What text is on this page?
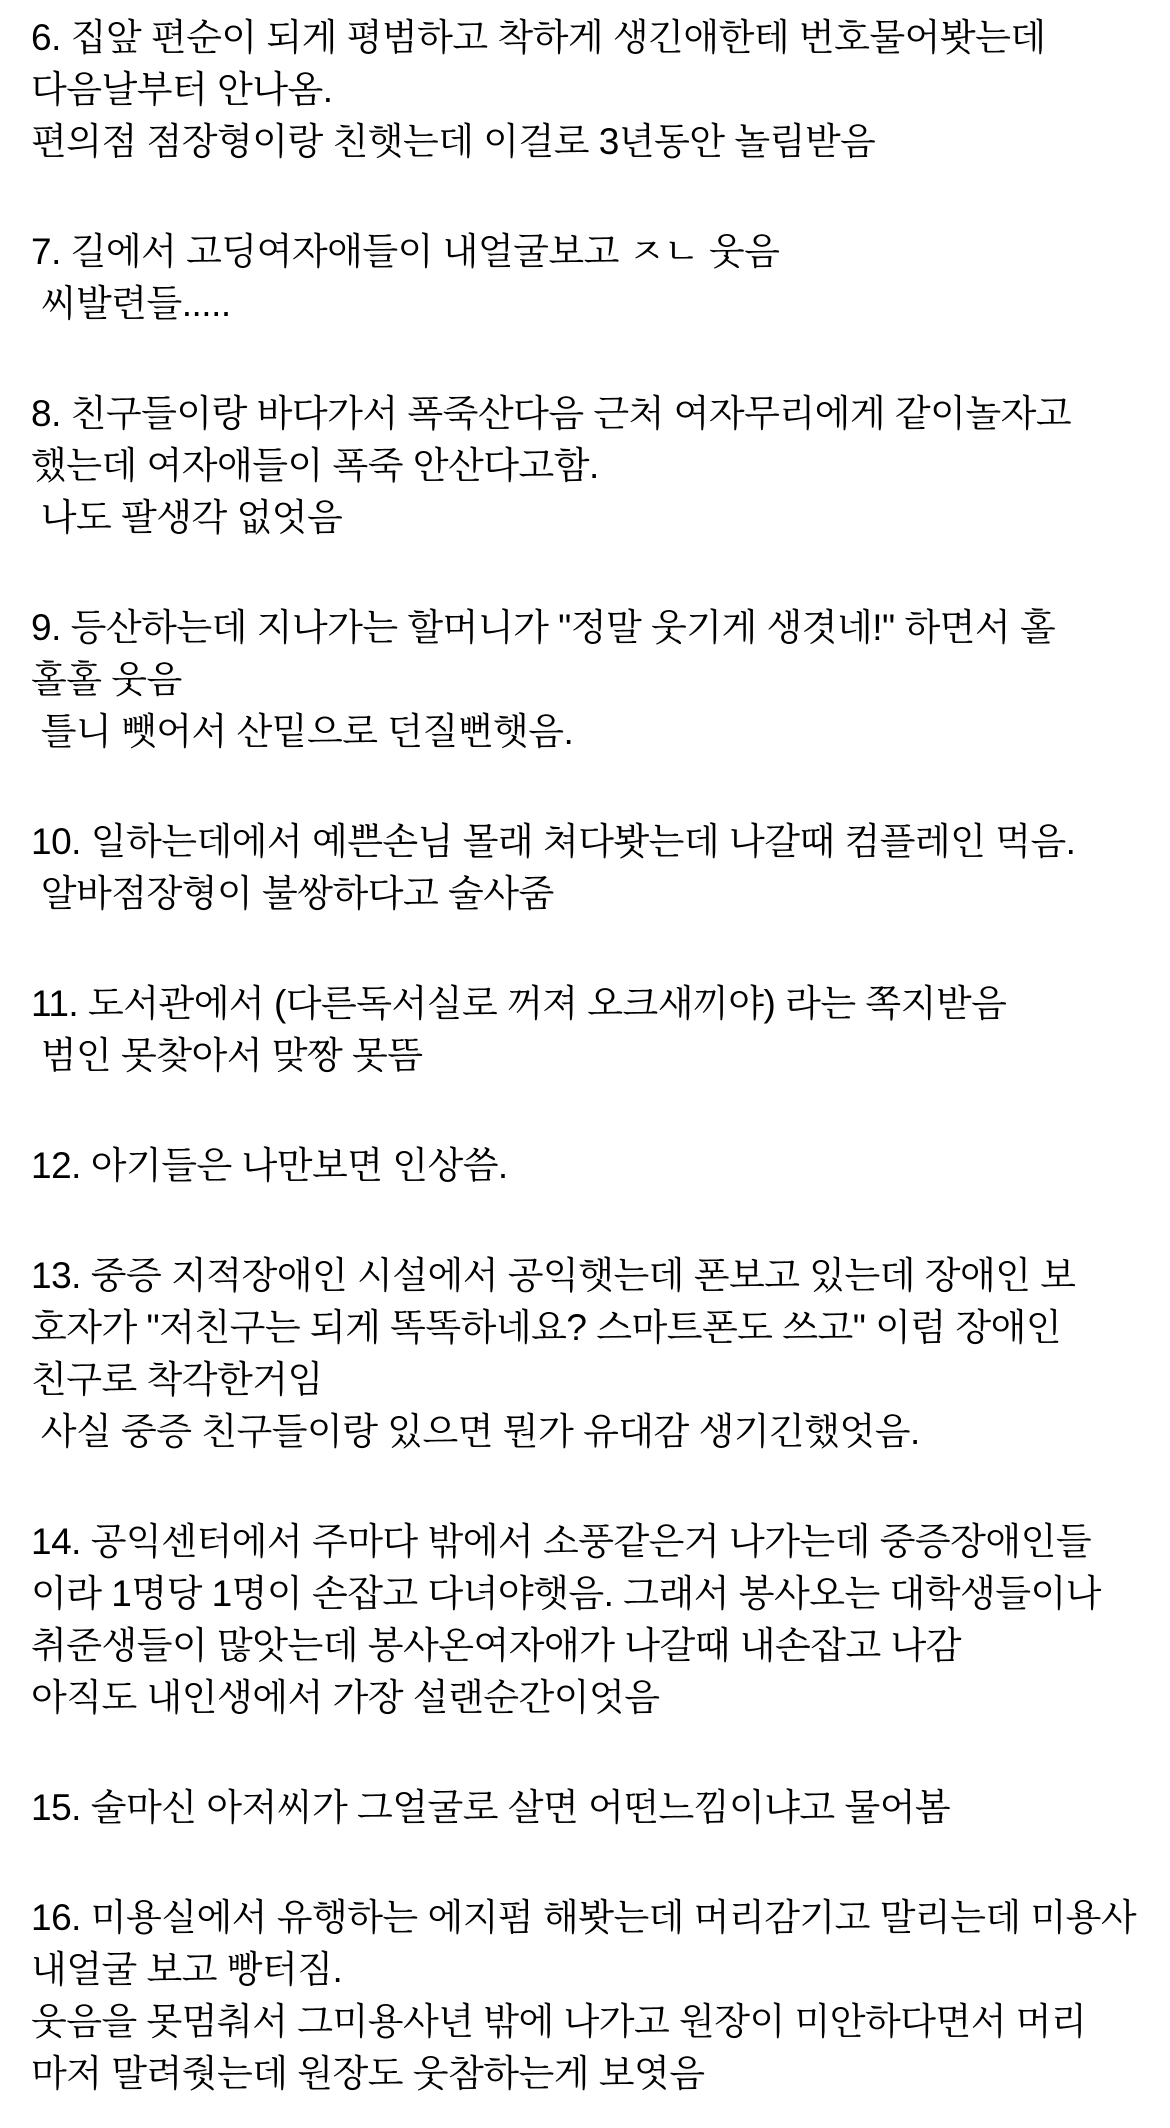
6. 집앞 편순이 되게 평범하고 착하게 생긴애한테 번호물어봣는데
다음날부터 안나옴.
편의점 점장형이랑 친햇는데 이걸로 3년동안 놀림받음
7. 길에서 고딩여자애들이 내얼굴보고 ㅈㄴ 웃음
씨발련들.....
8. 친구들이랑 바다가서 폭죽산다음 근처 여자무리에게 같이놀자고
했는데 여자애들이 폭죽 안산다고함.
나도 팔생각 없엇음
9. 등산하는데 지나가는 할머니가 "정말 웃기게 생겻네!" 하면서 홀
홀홀 웃음
틀니 뺏어서 산밑으로 던질뻔햇음.
10. 일하는데에서 예쁜손님 몰래 쳐다봣는데 나갈때 컴플레인 먹음.
알바점장형이 불쌍하다고 술사줌
11. 도서관에서 (다른독서실로 꺼져 오크새끼야) 라는 쪽지받음
범인 못찾아서 맞짱 못뜸
12. 아기들은 나만보면 인상씀.
13. 중증 지적장애인 시설에서 공익햇는데 폰보고 있는데 장애인 보
호자가 "저친구는 되게 똑똑하네요? 스마트폰도 쓰고" 이럼 장애인
친구로 착각한거임
사실 중증 친구들이랑 있으면 뭔가 유대감 생기긴했엇음.
14. 공익센터에서 주마다 밖에서 소풍같은거 나가는데 중증장애인들
이라 1명당 1명이 손잡고 다녀야햇음. 그래서 봉사오는 대학생들이나
취준생들이 많앗는데 봉사온여자애가 나갈때 내손잡고 나감
아직도 내인생에서 가장 설랜순간이엇음
15. 술마신 아저씨가 그얼굴로 살면 어떤느낌이냐고 물어봄
16. 미용실에서 유행하는 에지펌 해봣는데 머리감기고 말리는데 미용사
내얼굴 보고 빵터짐.
웃음을 못멈춰서 그미용사년 밖에 나가고 원장이 미안하다면서 머리
마저 말려줫는데 원장도 웃참하는게 보엿음
